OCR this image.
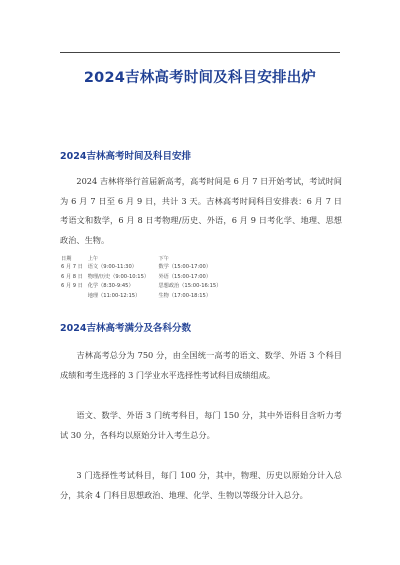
2024吉林高考时间及科目安排出炉
2024吉林高考时间及科目安排

2024 吉林将举行首届新高考，高考时间是 6 月 7 日开始考试，考试时间为 6 月 7 日至 6 月 9 日，共计 3 天。吉林高考时间科目安排表：6 月 7 日考语文和数学，6 月 8 日考物理/历史、外语，6 月 9 日考化学、地理、思想政治、生物。

日期	上午	下午
6 月 7 日	语文（9:00-11:30）	数学（15:00-17:00）
6 月 8 日	物理/历史（9:00-10:15）	外语（15:00-17:00）
6 月 9 日	化学（8:30-9:45）	思想政治（15:00-16:15）
	地理（11:00-12:15）	生物（17:00-18:15）
2024吉林高考满分及各科分数

吉林高考总分为 750 分，由全国统一高考的语文、数学、外语 3 个科目成绩和考生选择的 3 门学业水平选择性考试科目成绩组成。

语文、数学、外语 3 门统考科目，每门 150 分，其中外语科目含听力考试 30 分，各科均以原始分计入考生总分。

3 门选择性考试科目，每门 100 分，其中，物理、历史以原始分计入总分，其余 4 门科目思想政治、地理、化学、生物以等级分计入总分。
